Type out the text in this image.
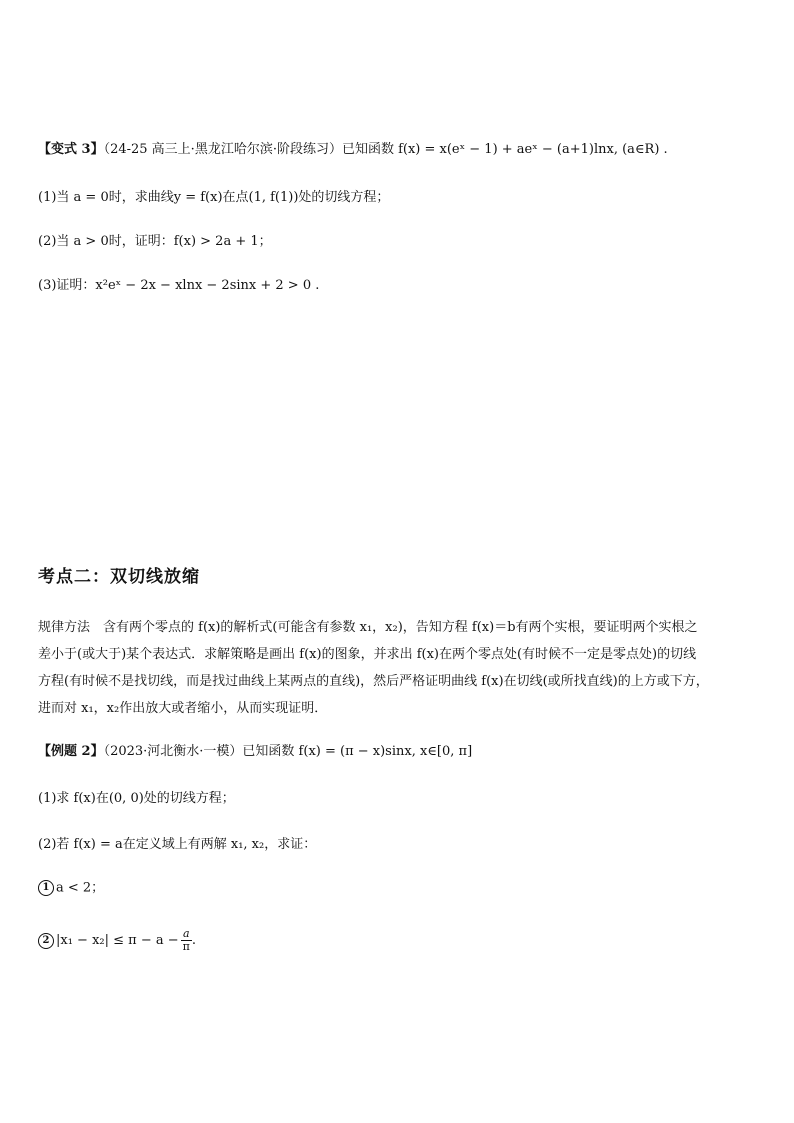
【变式 3】（24-25 高三上·黑龙江哈尔滨·阶段练习）已知函数 f(x) = x(eˣ − 1) + aeˣ − (a+1)lnx, (a∈R) .
(1)当 a = 0时，求曲线y = f(x)在点(1, f(1))处的切线方程；
(2)当 a > 0时，证明：f(x) > 2a + 1；
(3)证明：x²eˣ − 2x − xlnx − 2sinx + 2 > 0 .
考点二：双切线放缩
规律方法　含有两个零点的 f(x)的解析式(可能含有参数 x₁，x₂)，告知方程 f(x)＝b有两个实根，要证明两个实根之
差小于(或大于)某个表达式．求解策略是画出 f(x)的图象，并求出 f(x)在两个零点处(有时候不一定是零点处)的切线
方程(有时候不是找切线，而是找过曲线上某两点的直线)，然后严格证明曲线 f(x)在切线(或所找直线)的上方或下方，
进而对 x₁，x₂作出放大或者缩小，从而实现证明．
【例题 2】（2023·河北衡水·一模）已知函数 f(x) = (π − x)sinx, x∈[0, π]
(1)求 f(x)在(0, 0)处的切线方程；
(2)若 f(x) = a在定义域上有两解 x₁, x₂，求证：
1 a < 2；
2 $|x_1 - x_2| \le \pi - a - \frac{a}{\pi}$ .
